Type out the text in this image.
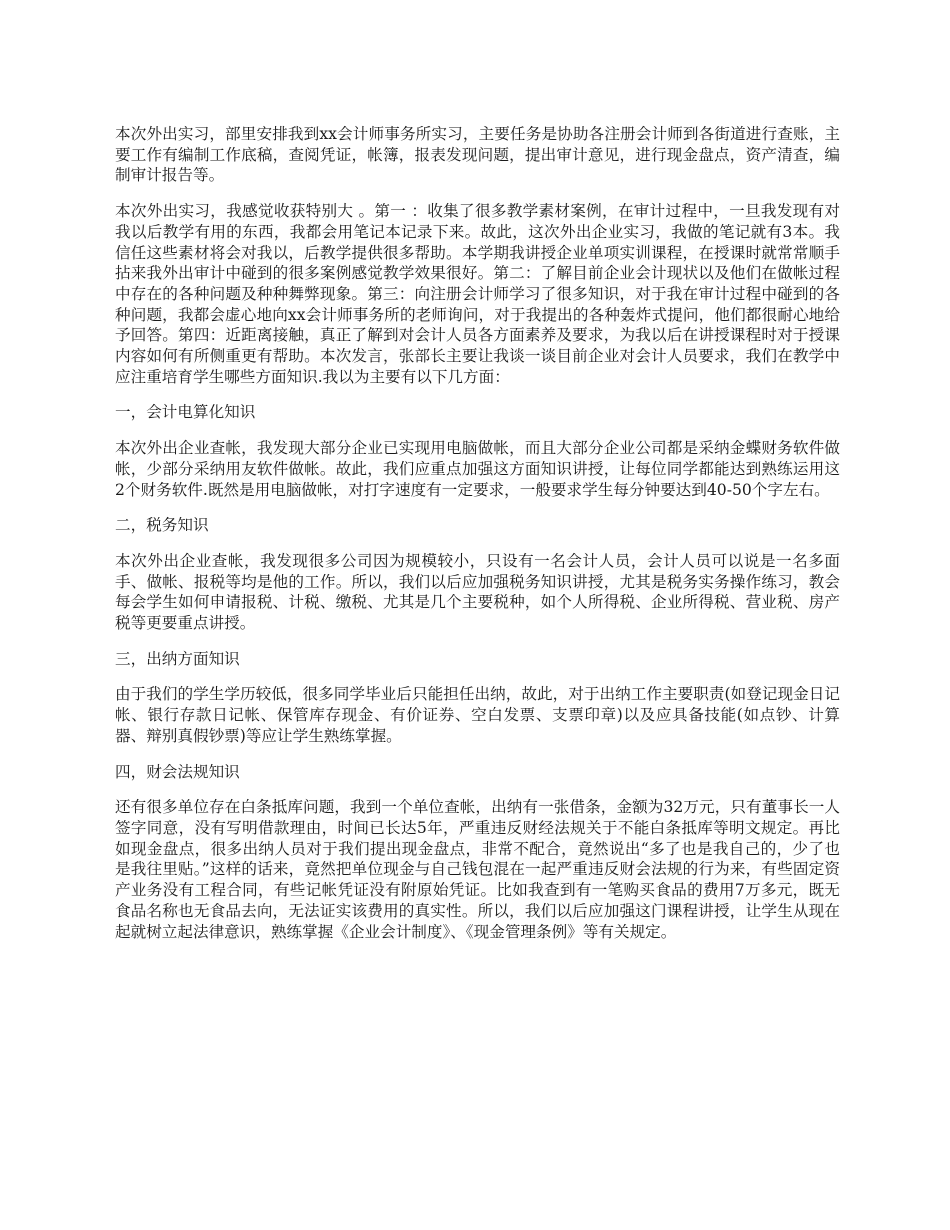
本次外出实习，部里安排我到xx会计师事务所实习，主要任务是协助各注册会计师到各街道进行查账，主要工作有编制工作底稿，查阅凭证，帐簿，报表发现问题，提出审计意见，进行现金盘点，资产清查，编制审计报告等。

本次外出实习，我感觉收获特别大 。第一 ：收集了很多教学素材案例，在审计过程中，一旦我发现有对我以后教学有用的东西，我都会用笔记本记录下来。故此，这次外出企业实习，我做的笔记就有3本。我信任这些素材将会对我以，后教学提供很多帮助。本学期我讲授企业单项实训课程，在授课时就常常顺手拈来我外出审计中碰到的很多案例感觉教学效果很好。第二：了解目前企业会计现状以及他们在做帐过程中存在的各种问题及种种舞弊现象。第三：向注册会计师学习了很多知识，对于我在审计过程中碰到的各种问题，我都会虚心地向xx会计师事务所的老师询问，对于我提出的各种轰炸式提问，他们都很耐心地给予回答。第四：近距离接触，真正了解到对会计人员各方面素养及要求，为我以后在讲授课程时对于授课内容如何有所侧重更有帮助。本次发言，张部长主要让我谈一谈目前企业对会计人员要求，我们在教学中应注重培育学生哪些方面知识.我以为主要有以下几方面：

一，会计电算化知识

本次外出企业查帐，我发现大部分企业已实现用电脑做帐，而且大部分企业公司都是采纳金蝶财务软件做帐，少部分采纳用友软件做帐。故此，我们应重点加强这方面知识讲授，让每位同学都能达到熟练运用这2个财务软件.既然是用电脑做帐，对打字速度有一定要求，一般要求学生每分钟要达到40-50个字左右。

二，税务知识

本次外出企业查帐，我发现很多公司因为规模较小，只设有一名会计人员，会计人员可以说是一名多面手、做帐、报税等均是他的工作。所以，我们以后应加强税务知识讲授，尤其是税务实务操作练习，教会每会学生如何申请报税、计税、缴税、尤其是几个主要税种，如个人所得税、企业所得税、营业税、房产税等更要重点讲授。

三，出纳方面知识

由于我们的学生学历较低，很多同学毕业后只能担任出纳，故此，对于出纳工作主要职责(如登记现金日记帐、银行存款日记帐、保管库存现金、有价证券、空白发票、支票印章)以及应具备技能(如点钞、计算器、辩别真假钞票)等应让学生熟练掌握。

四，财会法规知识

还有很多单位存在白条抵库问题，我到一个单位查帐，出纳有一张借条，金额为32万元，只有董事长一人签字同意，没有写明借款理由，时间已长达5年，严重违反财经法规关于不能白条抵库等明文规定。再比如现金盘点，很多出纳人员对于我们提出现金盘点，非常不配合，竟然说出“多了也是我自己的，少了也是我往里贴。”这样的话来，竟然把单位现金与自己钱包混在一起严重违反财会法规的行为来，有些固定资产业务没有工程合同，有些记帐凭证没有附原始凭证。比如我查到有一笔购买食品的费用7万多元，既无食品名称也无食品去向，无法证实该费用的真实性。所以，我们以后应加强这门课程讲授，让学生从现在起就树立起法律意识，熟练掌握《企业会计制度》、《现金管理条例》等有关规定。
